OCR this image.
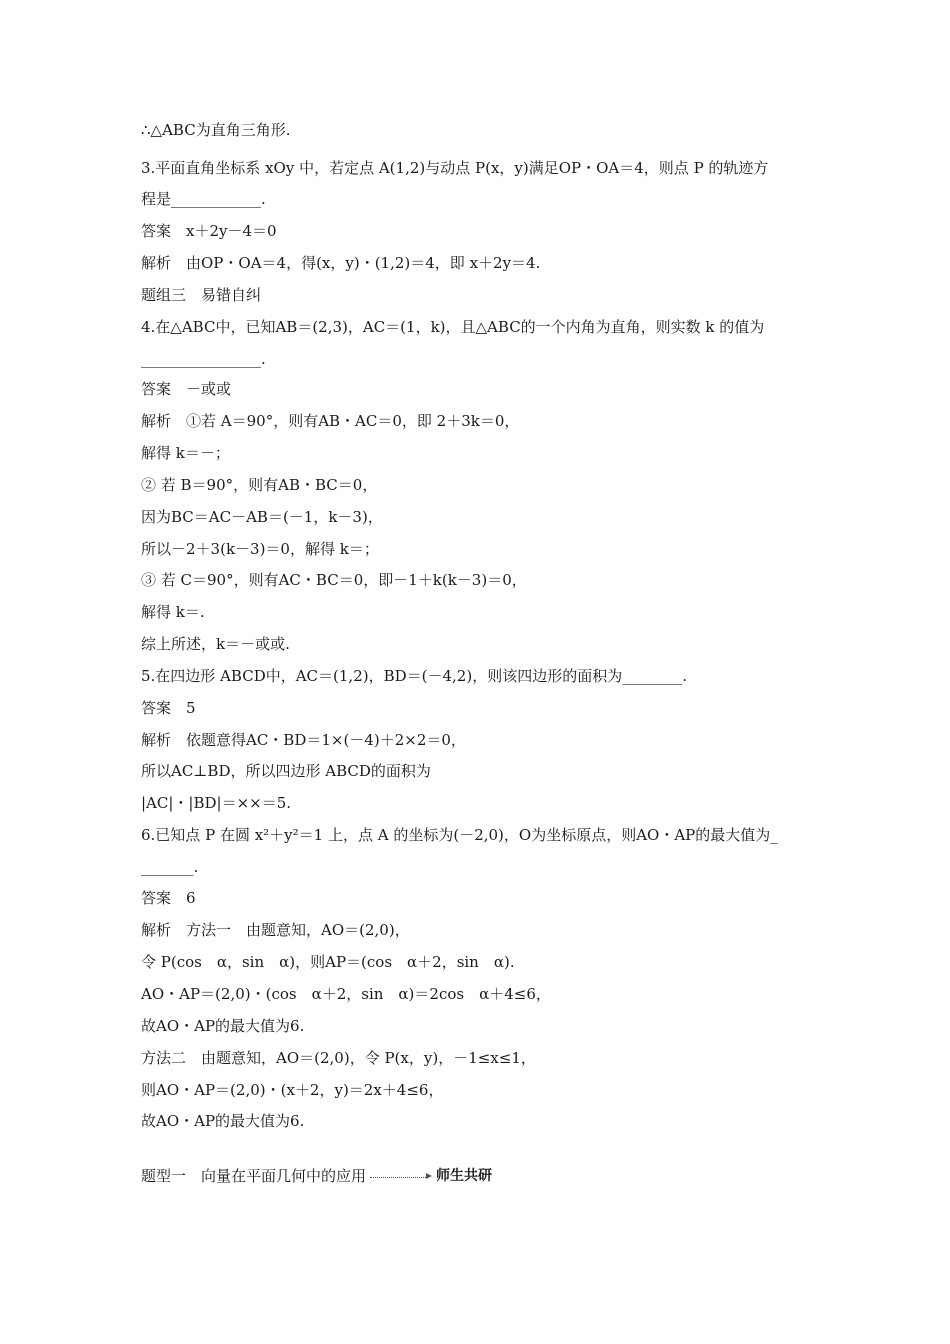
∴△ABC为直角三角形.
3.平面直角坐标系 xOy 中，若定点 A(1,2)与动点 P(x，y)满足OP・OA＝4，则点 P 的轨迹方
程是____________.
答案　x＋2y－4＝0
解析　由OP・OA＝4，得(x，y)・(1,2)＝4，即 x＋2y＝4.
题组三　易错自纠
4.在△ABC中，已知AB＝(2,3)，AC＝(1，k)，且△ABC的一个内角为直角，则实数 k 的值为
________________.
答案　－或或
解析　①若 A＝90°，则有AB・AC＝0，即 2＋3k＝0，
解得 k＝－；
② 若 B＝90°，则有AB・BC＝0，
因为BC＝AC－AB＝(－1，k－3)，
所以－2＋3(k－3)＝0，解得 k＝；
③ 若 C＝90°，则有AC・BC＝0，即－1＋k(k－3)＝0，
解得 k＝.
综上所述，k＝－或或.
5.在四边形 ABCD中，AC＝(1,2)，BD＝(－4,2)，则该四边形的面积为________.
答案　5
解析　依题意得AC・BD＝1×(－4)＋2×2＝0，
所以AC⊥BD，所以四边形 ABCD的面积为
|AC|・|BD|＝××＝5.
6.已知点 P 在圆 x²＋y²＝1 上，点 A 的坐标为(－2,0)，O为坐标原点，则AO・AP的最大值为_
_______.
答案　6
解析　方法一　由题意知，AO＝(2,0)，
令 P(cos　α，sin　α)，则AP＝(cos　α＋2，sin　α).
AO・AP＝(2,0)・(cos　α＋2，sin　α)＝2cos　α＋4≤6，
故AO・AP的最大值为6.
方法二　由题意知，AO＝(2,0)，令 P(x，y)，－1≤x≤1，
则AO・AP＝(2,0)・(x＋2，y)＝2x＋4≤6，
故AO・AP的最大值为6.
题型一　向量在平面几何中的应用	师生共研
